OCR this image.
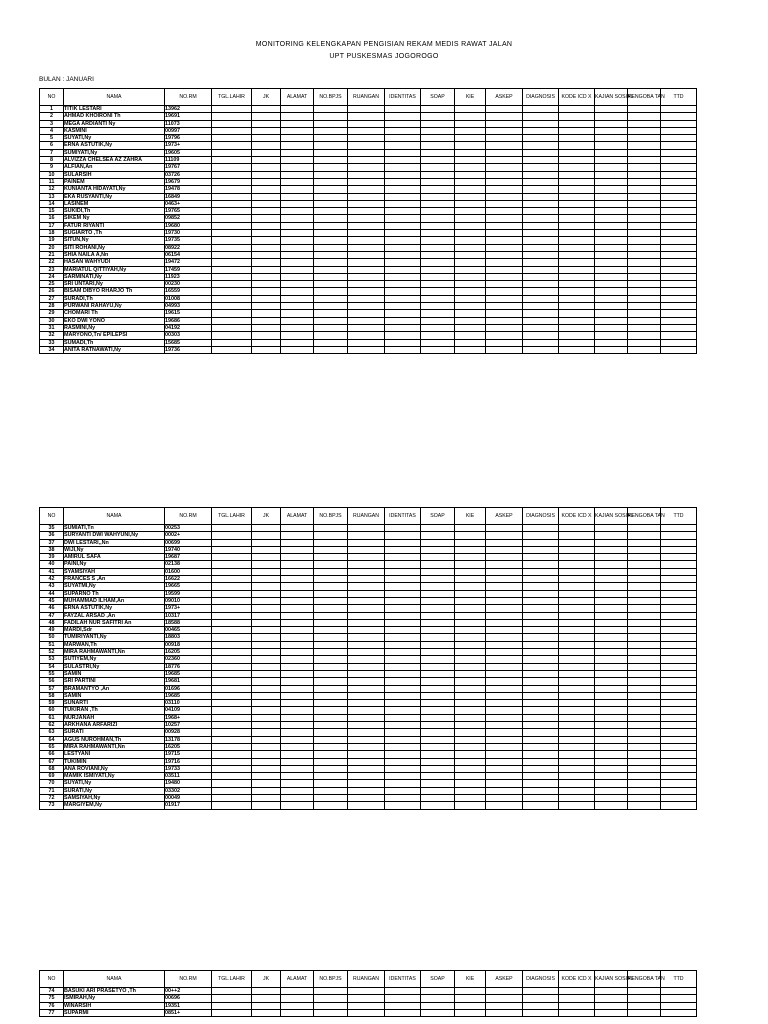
MONITORING KELENGKAPAN PENGISIAN REKAM MEDIS RAWAT JALAN
UPT PUSKESMAS JOGOROGO
BULAN : JANUARI
NO	NAMA	NO.RM	TGL.LAHIR	JK	ALAMAT	NO.BPJS	RUANGAN	IDENTITAS	SOAP	KIE	ASKEP	DIAGNOSIS	KODE ICD X	KAJIAN SOSIAL	PENGOBA TAN	TTD
1	TITIK LESTARI	13962														
2	AHMAD KHOIRONI Th	19691														
3	MEGA ARDIANTI Ny	11073														
4	KASMINI	00997														
5	SUYATI,Ny	19796														
6	ERNA ASTUTIK,Ny	1973+														
7	SUMIYATI,Ny	19605														
8	ALVIZZA CHELSEA AZ ZAHRA	11109														
9	ALFIAN,An	19767														
10	SULARSIH	03726														
11	PAINEM	19679														
12	KUNIANTA HIDAYATI,Ny	19478														
13	EKA RUSYANTI,Ny	16849														
14	LASINEM	0463+														
15	SUKIDI,Th	19765														
16	SIKEM Ny	09852														
17	FATUR RIYANTI	19680														
18	SUGIARTO ,Th	19730														
19	SITUN,Ny	19735														
20	SITI ROHANI,Ny	08922														
21	SHIA NAILA A,Nn	06154														
22	HASAN WAHYUDI	19472														
23	MARIATUL QITTIYAH,Ny	17459														
24	SARMINATI,Ny	11923														
25	SRI UNTARI,Ny	00230														
26	BISAM DIBYO RHARJO Th	16559														
27	SURADI,Th	01008														
28	PURWANI RAHAYU,Ny	04993														
29	CHOMARI Th	19615														
30	EKO DWI YONO	19686														
31	RASMINI,Ny	04192														
32	MARYONO,Tn/ EPILEPSI	00303														
33	SUMADI,Th	15685														
34	ANITA RATNAWATI,Ny	19736														
NO	NAMA	NO.RM	TGL.LAHIR	JK	ALAMAT	NO.BPJS	RUANGAN	IDENTITAS	SOAP	KIE	ASKEP	DIAGNOSIS	KODE ICD X	KAJIAN SOSIAL	PENGOBA TAN	TTD
35	SUMIATI,Tn	00253														
36	SURYANTI DWI WAHYUNI,Ny	0002+														
37	DWI LESTARI,,Nn	00699														
38	WIJI,Ny	19740														
39	AMIRUL SAFA	19687														
40	PAINI,Ny	02138														
41	SYAMSIYAH	01600														
42	FRANCES S ,An	16622														
43	SUYATMI,Ny	19665														
44	SUPARNO Th	19599														
45	MUHAMMAD ILHAM,An	09010														
46	ERNA ASTUTIK,Ny	1973+														
47	FAYZAL ARSAD ,An	10317														
48	FADILAH NUR SAFITRI An	18588														
49	MARDI,Sdr	00465														
50	TUMIRIYANTI,Ny	18803														
51	MARWAN,Th	00918														
52	MIRA RAHMAWANTI,Nn	16205														
53	SUTIYEM,Ny	02360														
54	SULASTRI,Ny	18776														
55	SAMIN	19685														
56	SRI PARTINI	19681														
57	BRAMANTYO ,An	01696														
58	SAMIN	19685														
59	SUNARTI	03110														
60	TUKIRAN ,Th	04109														
61	NURJANAH	1968+														
62	ARKHANA ARFARIZI	10257														
63	SURATI	00928														
64	AGUS NUROHMAN,Th	13178														
65	MIRA RAHMAWANTI,Nn	16205														
66	LESTYANI	19715														
67	TUKIMIN	19716														
68	ANA ROVIANI,Ny	19733														
69	MAMIK ISMIYATI,Ny	03511														
70	SUYATI,Ny	19480														
71	SURATI,Ny	03302														
72	SAMSIYAH,Ny	00049														
73	MARGIYEM,Ny	01917														
NO	NAMA	NO.RM	TGL.LAHIR	JK	ALAMAT	NO.BPJS	RUANGAN	IDENTITAS	SOAP	KIE	ASKEP	DIAGNOSIS	KODE ICD X	KAJIAN SOSIAL	PENGOBA TAN	TTD
74	BASUKI ARI PRASETYO ,Th	00++2														
75	ISMIRAH,Ny	00696														
76	WINARSIH	19351														
77	SUPARMI	0851+														
